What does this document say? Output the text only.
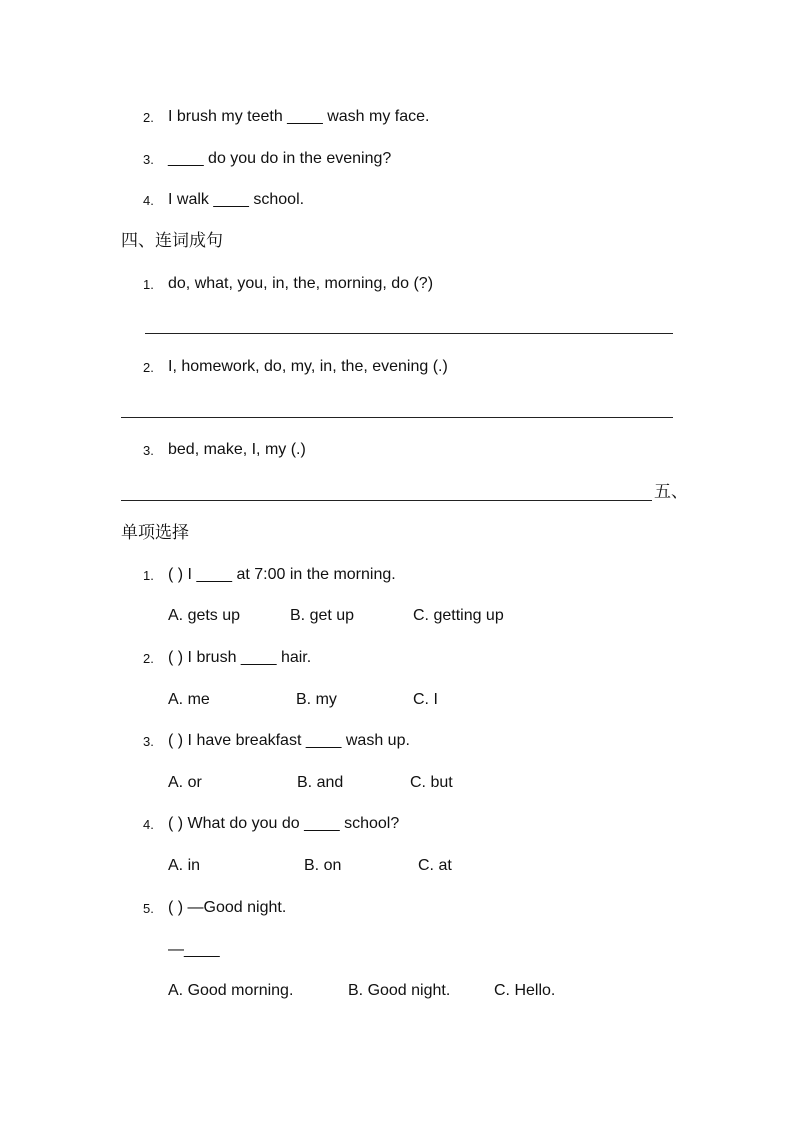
2. I brush my teeth ____ wash my face.
3. ____ do you do in the evening?
4. I walk ____ school.
四、连词成句
1. do, what, you, in, the, morning, do (?)
2. I, homework, do, my, in, the, evening (.)
3. bed, make, I, my (.)
五、
单项选择
1. ( ) I ____ at 7:00 in the morning.
A. gets up	B. get up	C. getting up
2. ( ) I brush ____ hair.
A. me	B. my	C. I
3. ( ) I have breakfast ____ wash up.
A. or	B. and	C. but
4. ( ) What do you do ____ school?
A. in	B. on	C. at
5. ( ) —Good night.
—____
A. Good morning.	B. Good night.	C. Hello.
